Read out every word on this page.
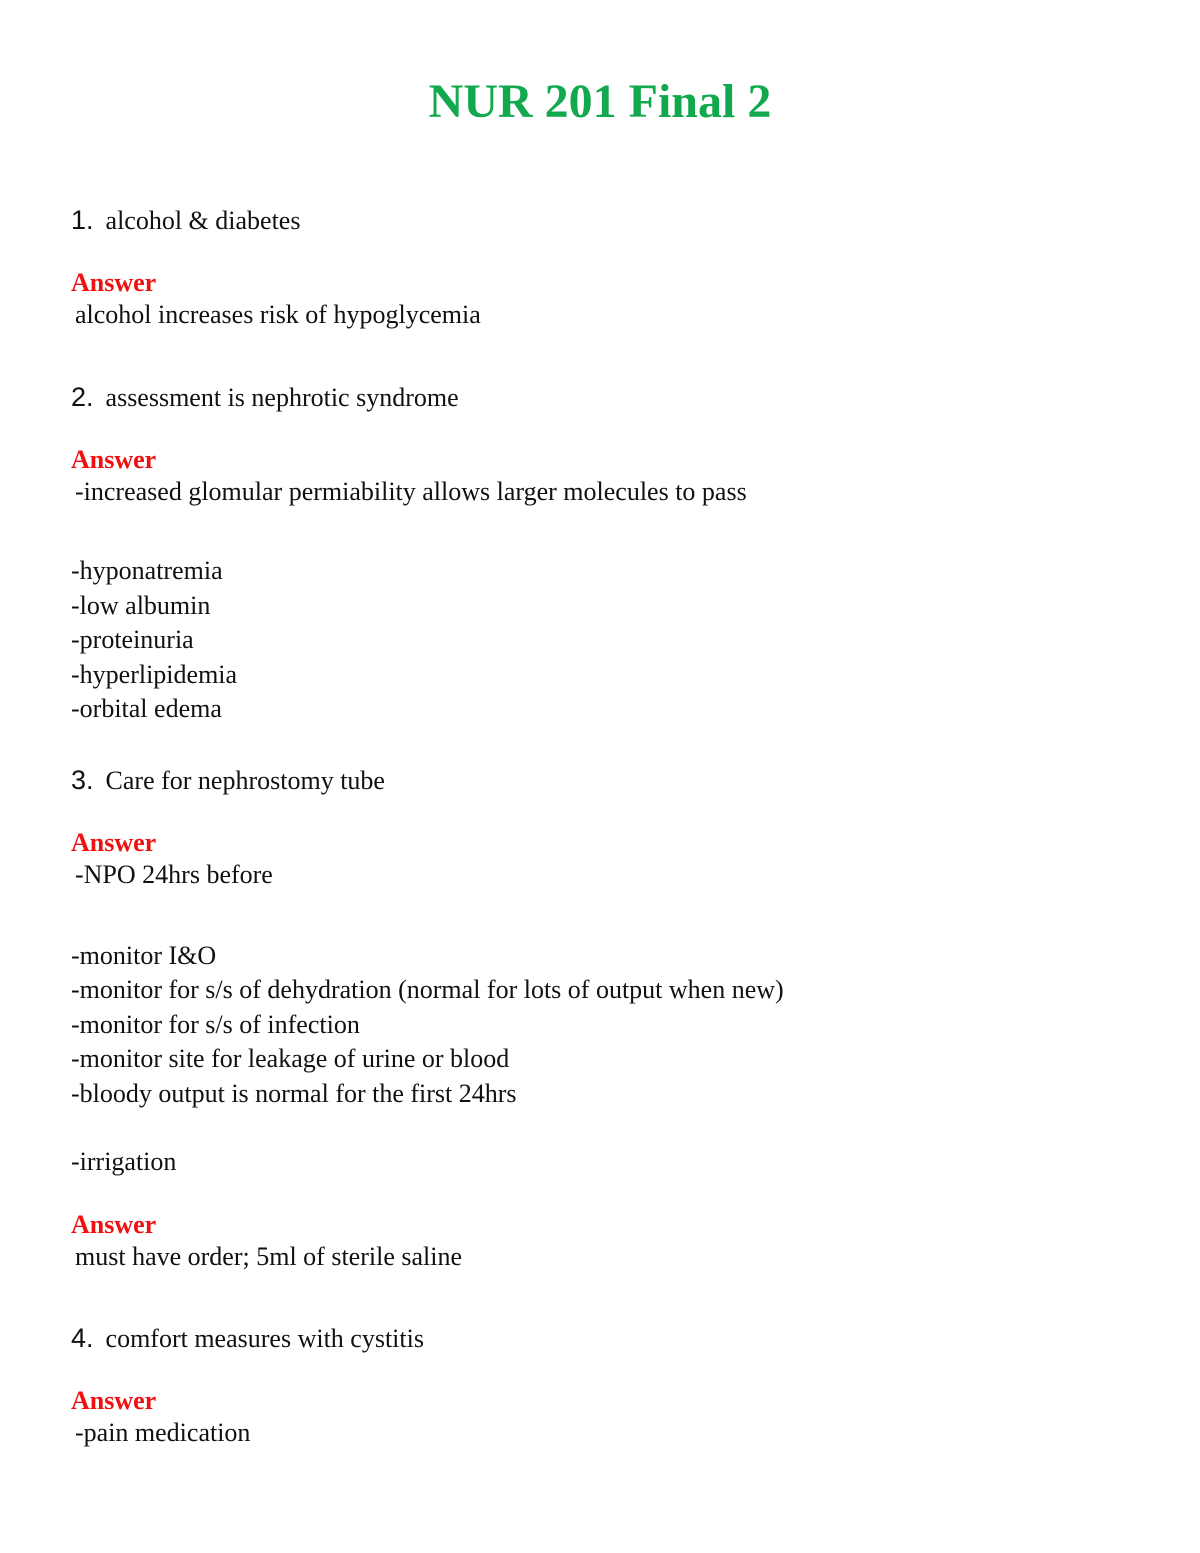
NUR 201 Final 2
1. alcohol & diabetes
Answer
alcohol increases risk of hypoglycemia
2. assessment is nephrotic syndrome
Answer
-increased glomular permiability allows larger molecules to pass
-hyponatremia
-low albumin
-proteinuria
-hyperlipidemia
-orbital edema
3. Care for nephrostomy tube
Answer
-NPO 24hrs before
-monitor I&O
-monitor for s/s of dehydration (normal for lots of output when new)
-monitor for s/s of infection
-monitor site for leakage of urine or blood
-bloody output is normal for the first 24hrs
-irrigation
Answer
must have order; 5ml of sterile saline
4. comfort measures with cystitis
Answer
-pain medication
